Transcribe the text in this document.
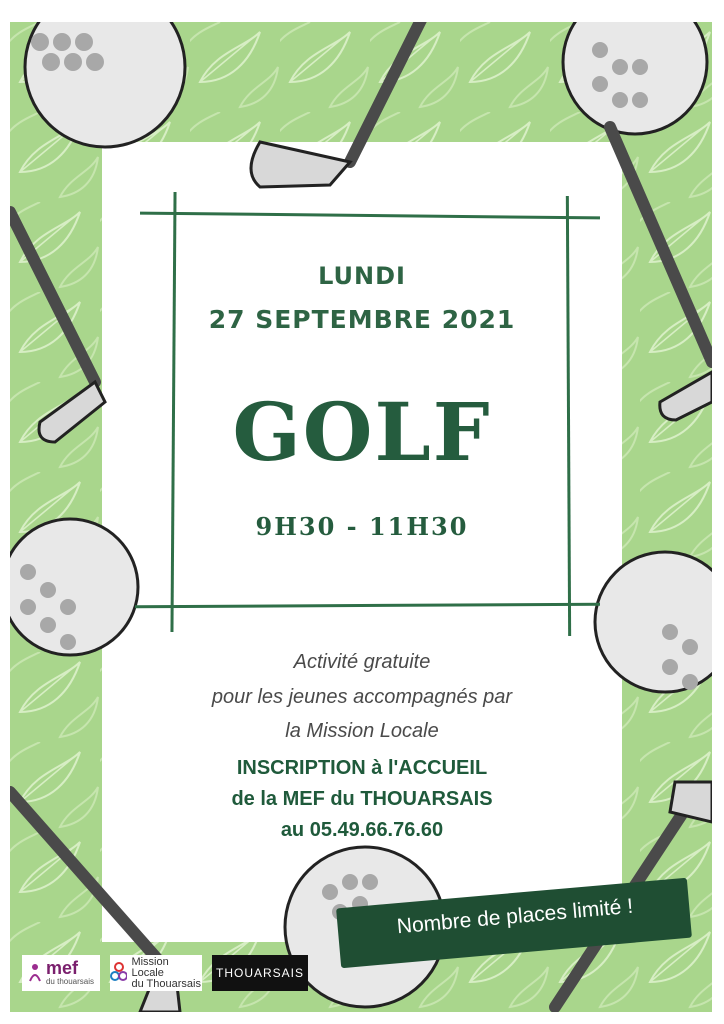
LUNDI
27 SEPTEMBRE 2021
GOLF
9H30 - 11H30
Activité gratuite
pour les jeunes accompagnés par
la Mission Locale
INSCRIPTION à l'ACCUEIL
de la MEF du THOUARSAIS
au 05.49.66.76.60
Nombre de places limité !
mef
du thouarsais
Mission Locale
du Thouarsais
THOUARSAIS
